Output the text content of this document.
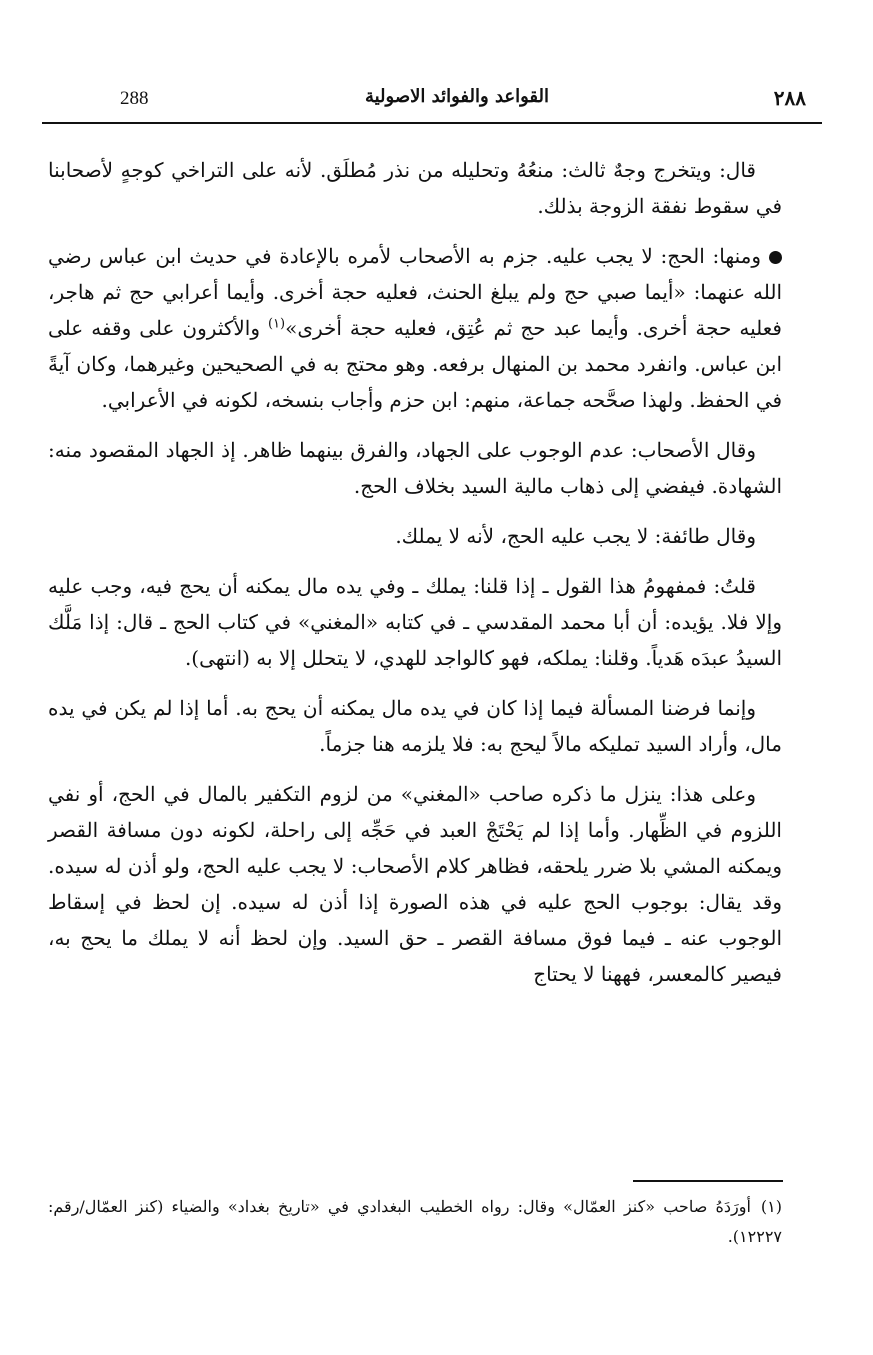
288	القواعد والفوائد الاصولية	٢٨٨

قال: ويتخرج وجهٌ ثالث: منعُهُ وتحليله من نذر مُطلَق. لأنه على التراخي كوجهٍ لأصحابنا في سقوط نفقة الزوجة بذلك.

ومنها: الحج: لا يجب عليه. جزم به الأصحاب لأمره بالإعادة في حديث ابن عباس رضي الله عنهما: «أيما صبي حج ولم يبلغ الحنث، فعليه حجة أخرى. وأيما أعرابي حج ثم هاجر، فعليه حجة أخرى. وأيما عبد حج ثم عُتِق، فعليه حجة أخرى»$^{(١)}$ والأكثرون على وقفه على ابن عباس. وانفرد محمد بن المنهال برفعه. وهو محتج به في الصحيحين وغيرهما، وكان آيةً في الحفظ. ولهذا صحَّحه جماعة، منهم: ابن حزم وأجاب بنسخه، لكونه في الأعرابي.

وقال الأصحاب: عدم الوجوب على الجهاد، والفرق بينهما ظاهر. إذ الجهاد المقصود منه: الشهادة. فيفضي إلى ذهاب مالية السيد بخلاف الحج.

وقال طائفة: لا يجب عليه الحج، لأنه لا يملك.

قلتُ: فمفهومُ هذا القول ـ إذا قلنا: يملك ـ وفي يده مال يمكنه أن يحج فيه، وجب عليه وإلا فلا. يؤيده: أن أبا محمد المقدسي ـ في كتابه «المغني» في كتاب الحج ـ قال: إذا مَلَّك السيدُ عبدَه هَدياً. وقلنا: يملكه، فهو كالواجد للهدي، لا يتحلل إلا به (انتهى).

وإنما فرضنا المسألة فيما إذا كان في يده مال يمكنه أن يحج به. أما إذا لم يكن في يده مال، وأراد السيد تمليكه مالاً ليحج به: فلا يلزمه هنا جزماً.

وعلى هذا: ينزل ما ذكره صاحب «المغني» من لزوم التكفير بالمال في الحج، أو نفي اللزوم في الظِّهار. وأما إذا لم يَحْتَجْ العبد في حَجِّه إلى راحلة، لكونه دون مسافة القصر ويمكنه المشي بلا ضرر يلحقه، فظاهر كلام الأصحاب: لا يجب عليه الحج، ولو أذن له سيده. وقد يقال: بوجوب الحج عليه في هذه الصورة إذا أذن له سيده. إن لحظ في إسقاط الوجوب عنه ـ فيما فوق مسافة القصر ـ حق السيد. وإن لحظ أنه لا يملك ما يحج به، فيصير كالمعسر، فههنا لا يحتاج

(١)أورَدَهُ صاحب «كنز العمّال» وقال: رواه الخطيب البغدادي في «تاريخ بغداد» والضياء (كنز العمّال/رقم: ١٢٢٢٧).
